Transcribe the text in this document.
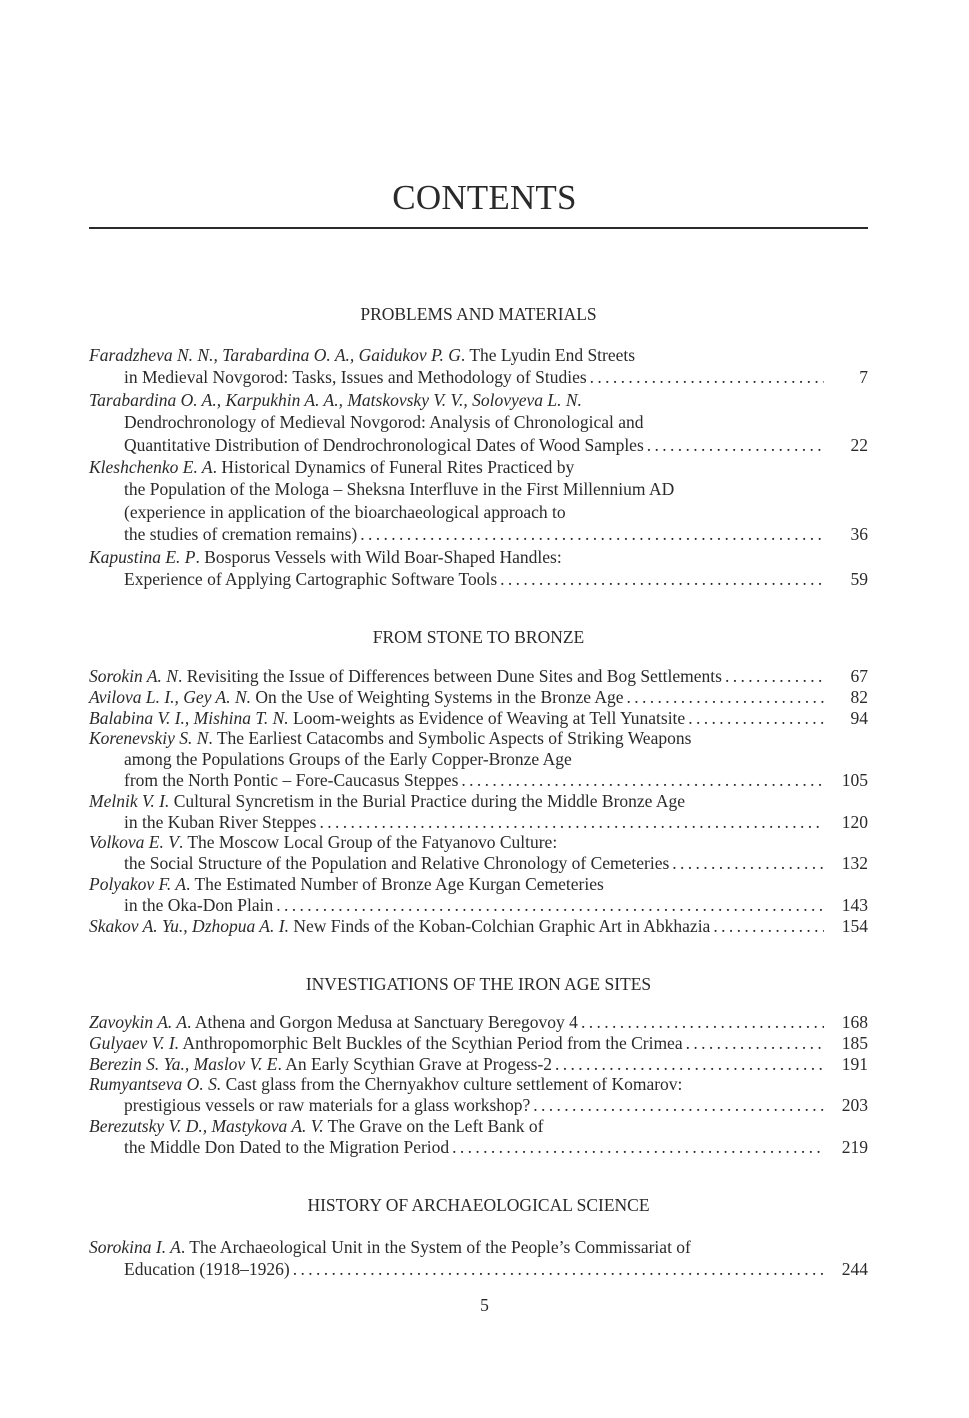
CONTENTS
PROBLEMS AND MATERIALS
Faradzheva N. N., Tarabardina O. A., Gaidukov P. G. The Lyudin End Streets
in Medieval Novgorod: Tasks, Issues and Methodology of Studies . . .	7
Tarabardina O. A., Karpukhin A. A., Matskovsky V. V., Solovyeva L. N.
Dendrochronology of Medieval Novgorod: Analysis of Chronological and
Quantitative Distribution of Dendrochronological Dates of Wood Samples . . .	22
Kleshchenko E. A. Historical Dynamics of Funeral Rites Practiced by
the Population of the Mologa – Sheksna Interfluve in the First Millennium AD
(experience in application of the bioarchaeological approach to
the studies of cremation remains) . . .	36
Kapustina E. P. Bosporus Vessels with Wild Boar-Shaped Handles:
Experience of Applying Cartographic Software Tools . . .	59
FROM STONE TO BRONZE
Sorokin A. N. Revisiting the Issue of Differences between Dune Sites and Bog Settlements . . .	67
Avilova L. I., Gey A. N. On the Use of Weighting Systems in the Bronze Age . . .	82
Balabina V. I., Mishina T. N. Loom-weights as Evidence of Weaving at Tell Yunatsite . . .	94
Korenevskiy S. N. The Earliest Catacombs and Symbolic Aspects of Striking Weapons
among the Populations Groups of the Early Copper-Bronze Age
from the North Pontic – Fore-Caucasus Steppes . . .	105
Melnik V. I. Cultural Syncretism in the Burial Practice during the Middle Bronze Age
in the Kuban River Steppes . . .	120
Volkova E. V. The Moscow Local Group of the Fatyanovo Culture:
the Social Structure of the Population and Relative Chronology of Cemeteries . . .	132
Polyakov F. A. The Estimated Number of Bronze Age Kurgan Cemeteries
in the Oka-Don Plain . . .	143
Skakov A. Yu., Dzhopua A. I. New Finds of the Koban-Colchian Graphic Art in Abkhazia . . .	154
INVESTIGATIONS OF THE IRON AGE SITES
Zavoykin A. A. Athena and Gorgon Medusa at Sanctuary Beregovoy 4 . . .	168
Gulyaev V. I. Anthropomorphic Belt Buckles of the Scythian Period from the Crimea . . .	185
Berezin S. Ya., Maslov V. E. An Early Scythian Grave at Progess-2 . . .	191
Rumyantseva O. S. Cast glass from the Chernyakhov culture settlement of Komarov:
prestigious vessels or raw materials for a glass workshop? . . .	203
Berezutsky V. D., Mastykova A. V. The Grave on the Left Bank of
the Middle Don Dated to the Migration Period . . .	219
HISTORY OF ARCHAEOLOGICAL SCIENCE
Sorokina I. A. The Archaeological Unit in the System of the People’s Commissariat of
Education (1918–1926) . . .	244
5
